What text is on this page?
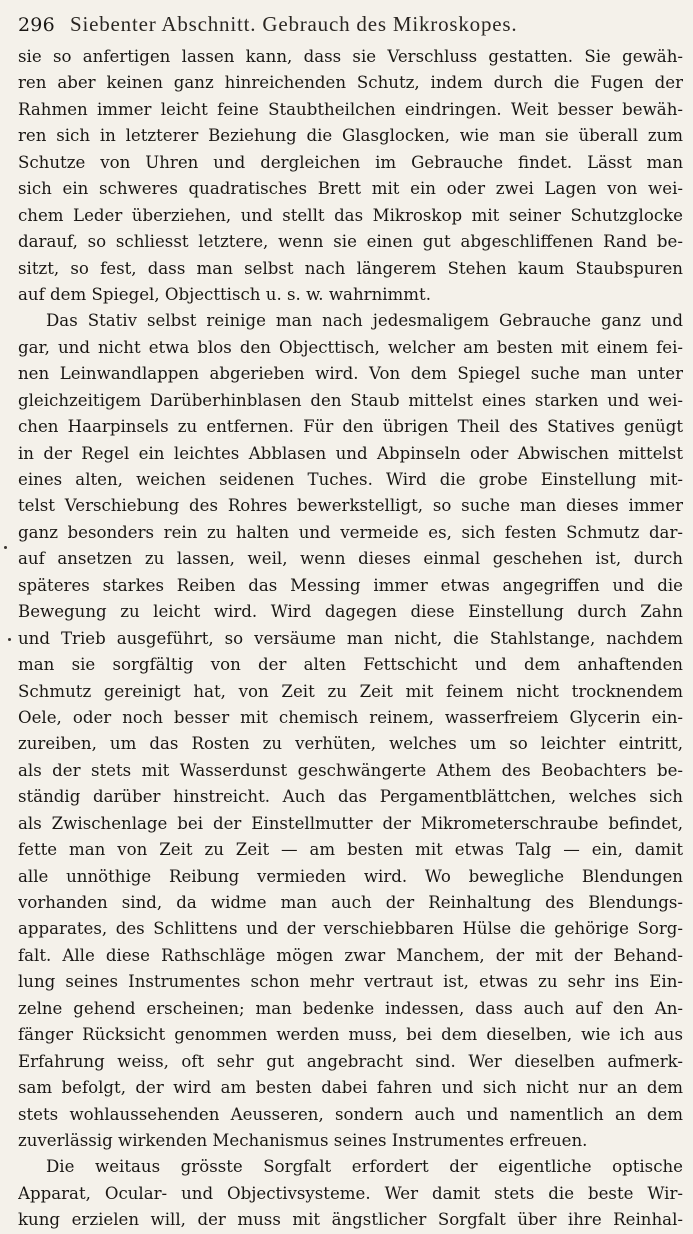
296 Siebenter Abschnitt. Gebrauch des Mikroskopes.
sie so anfertigen lassen kann, dass sie Verschluss gestatten. Sie gewäh-
ren aber keinen ganz hinreichenden Schutz, indem durch die Fugen der
Rahmen immer leicht feine Staubtheilchen eindringen. Weit besser bewäh-
ren sich in letzterer Beziehung die Glasglocken, wie man sie überall zum
Schutze von Uhren und dergleichen im Gebrauche findet. Lässt man
sich ein schweres quadratisches Brett mit ein oder zwei Lagen von wei-
chem Leder überziehen, und stellt das Mikroskop mit seiner Schutzglocke
darauf, so schliesst letztere, wenn sie einen gut abgeschliffenen Rand be-
sitzt, so fest, dass man selbst nach längerem Stehen kaum Staubspuren
auf dem Spiegel, Objecttisch u. s. w. wahrnimmt.
Das Stativ selbst reinige man nach jedesmaligem Gebrauche ganz und
gar, und nicht etwa blos den Objecttisch, welcher am besten mit einem fei-
nen Leinwandlappen abgerieben wird. Von dem Spiegel suche man unter
gleichzeitigem Darüberhinblasen den Staub mittelst eines starken und wei-
chen Haarpinsels zu entfernen. Für den übrigen Theil des Statives genügt
in der Regel ein leichtes Abblasen und Abpinseln oder Abwischen mittelst
eines alten, weichen seidenen Tuches. Wird die grobe Einstellung mit-
telst Verschiebung des Rohres bewerkstelligt, so suche man dieses immer
ganz besonders rein zu halten und vermeide es, sich festen Schmutz dar-
auf ansetzen zu lassen, weil, wenn dieses einmal geschehen ist, durch
späteres starkes Reiben das Messing immer etwas angegriffen und die
Bewegung zu leicht wird. Wird dagegen diese Einstellung durch Zahn
und Trieb ausgeführt, so versäume man nicht, die Stahlstange, nachdem
man sie sorgfältig von der alten Fettschicht und dem anhaftenden
Schmutz gereinigt hat, von Zeit zu Zeit mit feinem nicht trocknendem
Oele, oder noch besser mit chemisch reinem, wasserfreiem Glycerin ein-
zureiben, um das Rosten zu verhüten, welches um so leichter eintritt,
als der stets mit Wasserdunst geschwängerte Athem des Beobachters be-
ständig darüber hinstreicht. Auch das Pergamentblättchen, welches sich
als Zwischenlage bei der Einstellmutter der Mikrometerschraube befindet,
fette man von Zeit zu Zeit — am besten mit etwas Talg — ein, damit
alle unnöthige Reibung vermieden wird. Wo bewegliche Blendungen
vorhanden sind, da widme man auch der Reinhaltung des Blendungs-
apparates, des Schlittens und der verschiebbaren Hülse die gehörige Sorg-
falt. Alle diese Rathschläge mögen zwar Manchem, der mit der Behand-
lung seines Instrumentes schon mehr vertraut ist, etwas zu sehr ins Ein-
zelne gehend erscheinen; man bedenke indessen, dass auch auf den An-
fänger Rücksicht genommen werden muss, bei dem dieselben, wie ich aus
Erfahrung weiss, oft sehr gut angebracht sind. Wer dieselben aufmerk-
sam befolgt, der wird am besten dabei fahren und sich nicht nur an dem
stets wohlaussehenden Aeusseren, sondern auch und namentlich an dem
zuverlässig wirkenden Mechanismus seines Instrumentes erfreuen.
Die weitaus grösste Sorgfalt erfordert der eigentliche optische
Apparat, Ocular- und Objectivsysteme. Wer damit stets die beste Wir-
kung erzielen will, der muss mit ängstlicher Sorgfalt über ihre Reinhal-
